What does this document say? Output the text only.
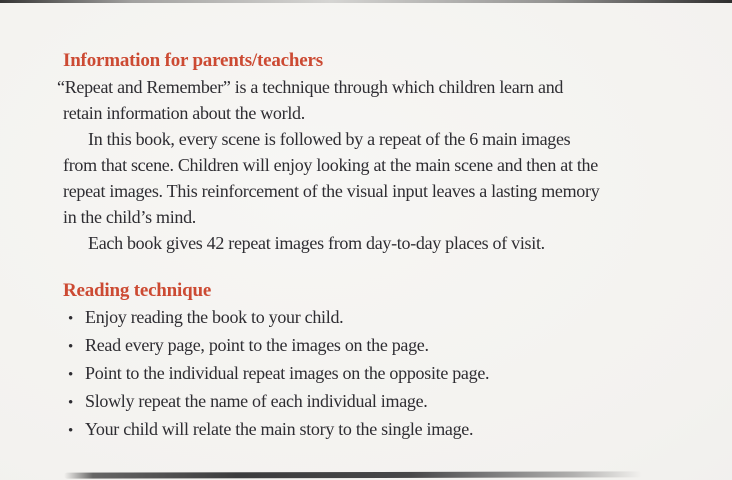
Information for parents/teachers
“Repeat and Remember” is a technique through which children learn and
retain information about the world.
In this book, every scene is followed by a repeat of the 6 main images
from that scene. Children will enjoy looking at the main scene and then at the
repeat images. This reinforcement of the visual input leaves a lasting memory
in the child’s mind.
Each book gives 42 repeat images from day-to-day places of visit.
Reading technique
• Enjoy reading the book to your child.
• Read every page, point to the images on the page.
• Point to the individual repeat images on the opposite page.
• Slowly repeat the name of each individual image.
• Your child will relate the main story to the single image.
